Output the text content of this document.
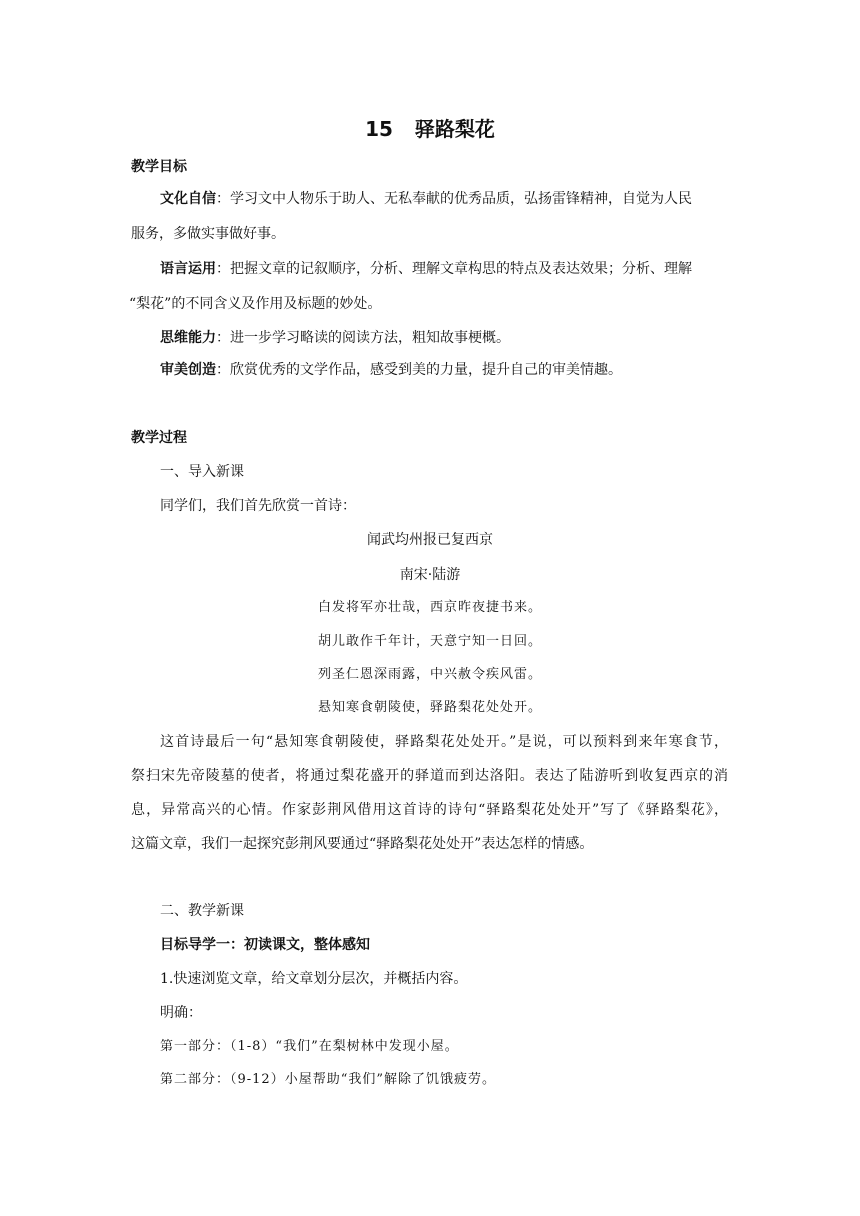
15 驿路梨花
教学目标
文化自信：学习文中人物乐于助人、无私奉献的优秀品质，弘扬雷锋精神，自觉为人民
服务，多做实事做好事。
语言运用：把握文章的记叙顺序，分析、理解文章构思的特点及表达效果；分析、理解
“梨花”的不同含义及作用及标题的妙处。
思维能力：进一步学习略读的阅读方法，粗知故事梗概。
审美创造：欣赏优秀的文学作品，感受到美的力量，提升自己的审美情趣。
教学过程
一、导入新课
同学们，我们首先欣赏一首诗：
闻武均州报已复西京
南宋·陆游
白发将军亦壮哉，西京昨夜捷书来。
胡儿敢作千年计，天意宁知一日回。
列圣仁恩深雨露，中兴赦令疾风雷。
悬知寒食朝陵使，驿路梨花处处开。
这首诗最后一句“悬知寒食朝陵使，驿路梨花处处开。”是说，可以预料到来年寒食节，
祭扫宋先帝陵墓的使者，将通过梨花盛开的驿道而到达洛阳。表达了陆游听到收复西京的消
息，异常高兴的心情。作家彭荆风借用这首诗的诗句“驿路梨花处处开”写了《驿路梨花》，
这篇文章，我们一起探究彭荆风要通过“驿路梨花处处开”表达怎样的情感。
二、教学新课
目标导学一：初读课文，整体感知
1.快速浏览文章，给文章划分层次，并概括内容。
明确：
第一部分：（1-8）“我们”在梨树林中发现小屋。
第二部分：（9-12）小屋帮助“我们”解除了饥饿疲劳。
